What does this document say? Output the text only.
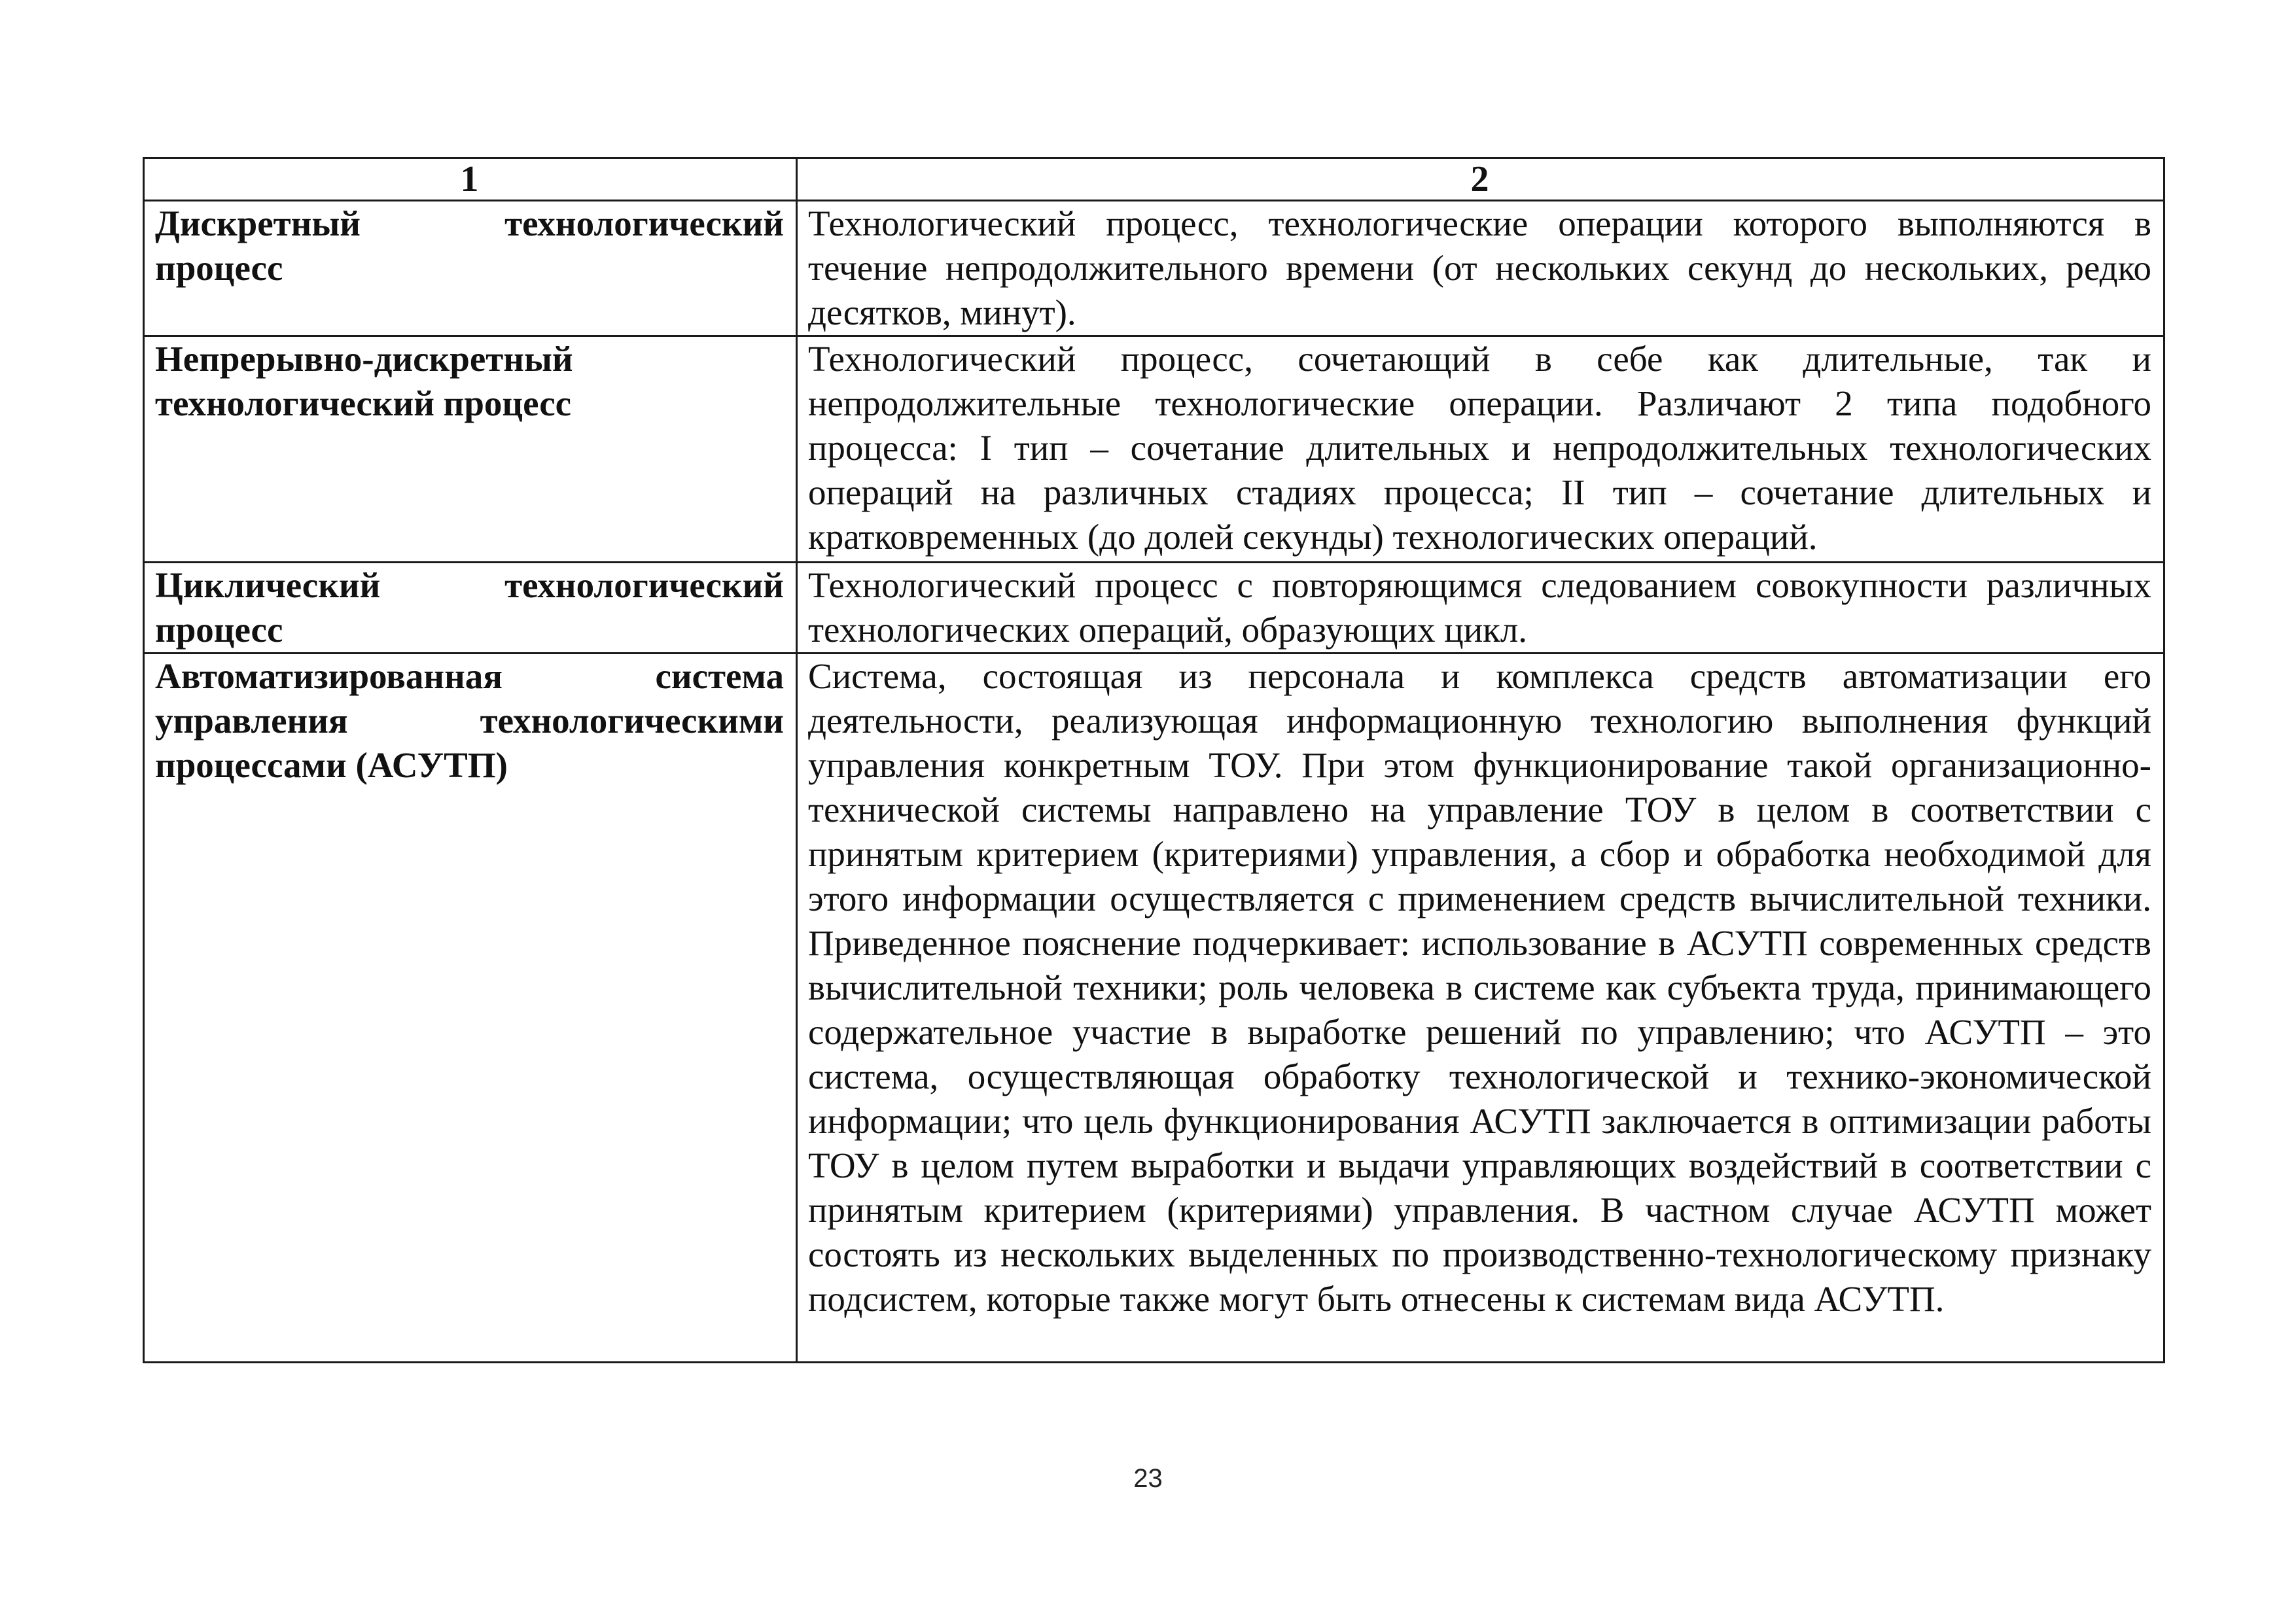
1	2
Дискретный технологический процесс	Технологический процесс, технологические операции которого выполняются в течение непродолжительного времени (от нескольких секунд до нескольких, редко десятков, минут).
Непрерывно-дискретный технологический процесс	Технологический процесс, сочетающий в себе как длительные, так и непродолжительные технологические операции. Различают 2 типа подобного процесса: I тип – сочетание длительных и непродолжительных технологических операций на различных стадиях процесса; II тип – сочетание длительных и кратковременных (до долей секунды) технологических операций.
Циклический технологический процесс	Технологический процесс с повторяющимся следованием совокупности различных технологических операций, образующих цикл.
Автоматизированная система управления технологическими процессами (АСУТП)	Система, состоящая из персонала и комплекса средств автоматизации его деятельности, реализующая информационную технологию выполнения функций управления конкретным ТОУ. При этом функционирование такой организационно-технической системы направлено на управление ТОУ в целом в соответствии с принятым критерием (критериями) управления, а сбор и обработка необходимой для этого информации осуществляется с применением средств вычислительной техники. Приведенное пояснение подчеркивает: использование в АСУТП современных средств вычислительной техники; роль человека в системе как субъекта труда, принимающего содержательное участие в выработке решений по управлению; что АСУТП – это система, осуществляющая обработку технологической и технико-экономической информации; что цель функционирования АСУТП заключается в оптимизации работы ТОУ в целом путем выработки и выдачи управляющих воздействий в соответствии с принятым критерием (критериями) управления. В частном случае АСУТП может состоять из нескольких выделенных по производственно-технологическому признаку подсистем, которые также могут быть отнесены к системам вида АСУТП.
23
